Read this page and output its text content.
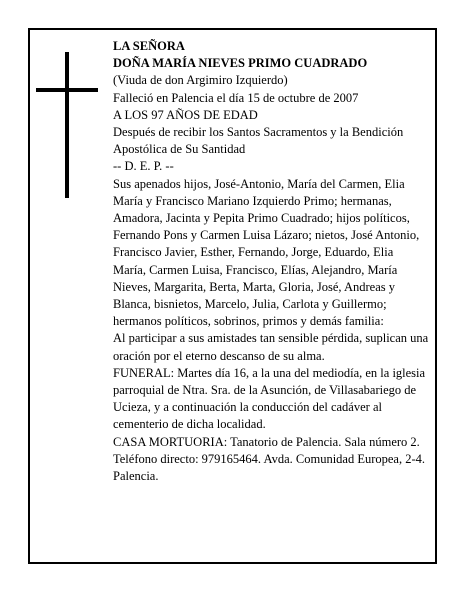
LA SEÑORA

DOÑA MARÍA NIEVES PRIMO CUADRADO

(Viuda de don Argimiro Izquierdo)

Falleció en Palencia el día 15 de octubre de 2007

A LOS 97 AÑOS DE EDAD

Después de recibir los Santos Sacramentos y la Bendición Apostólica de Su Santidad

-- D. E. P. --

Sus apenados hijos, José-Antonio, María del Carmen, Elia María y Francisco Mariano Izquierdo Primo; hermanas, Amadora, Jacinta y Pepita Primo Cuadrado; hijos políticos, Fernando Pons y Carmen Luisa Lázaro; nietos, José Antonio, Francisco Javier, Esther, Fernando, Jorge, Eduardo, Elia María, Carmen Luisa, Francisco, Elías, Alejandro, María Nieves, Margarita, Berta, Marta, Gloria, José, Andreas y Blanca, bisnietos, Marcelo, Julia, Carlota y Guillermo; hermanos políticos, sobrinos, primos y demás familia:

Al participar a sus amistades tan sensible pérdida, suplican una oración por el eterno descanso de su alma.

FUNERAL: Martes día 16, a la una del mediodía, en la iglesia parroquial de Ntra. Sra. de la Asunción, de Villasabariego de Ucieza, y a continuación la conducción del cadáver al cementerio de dicha localidad.

CASA MORTUORIA: Tanatorio de Palencia. Sala número 2. Teléfono directo: 979165464. Avda. Comunidad Europea, 2-4. Palencia.
